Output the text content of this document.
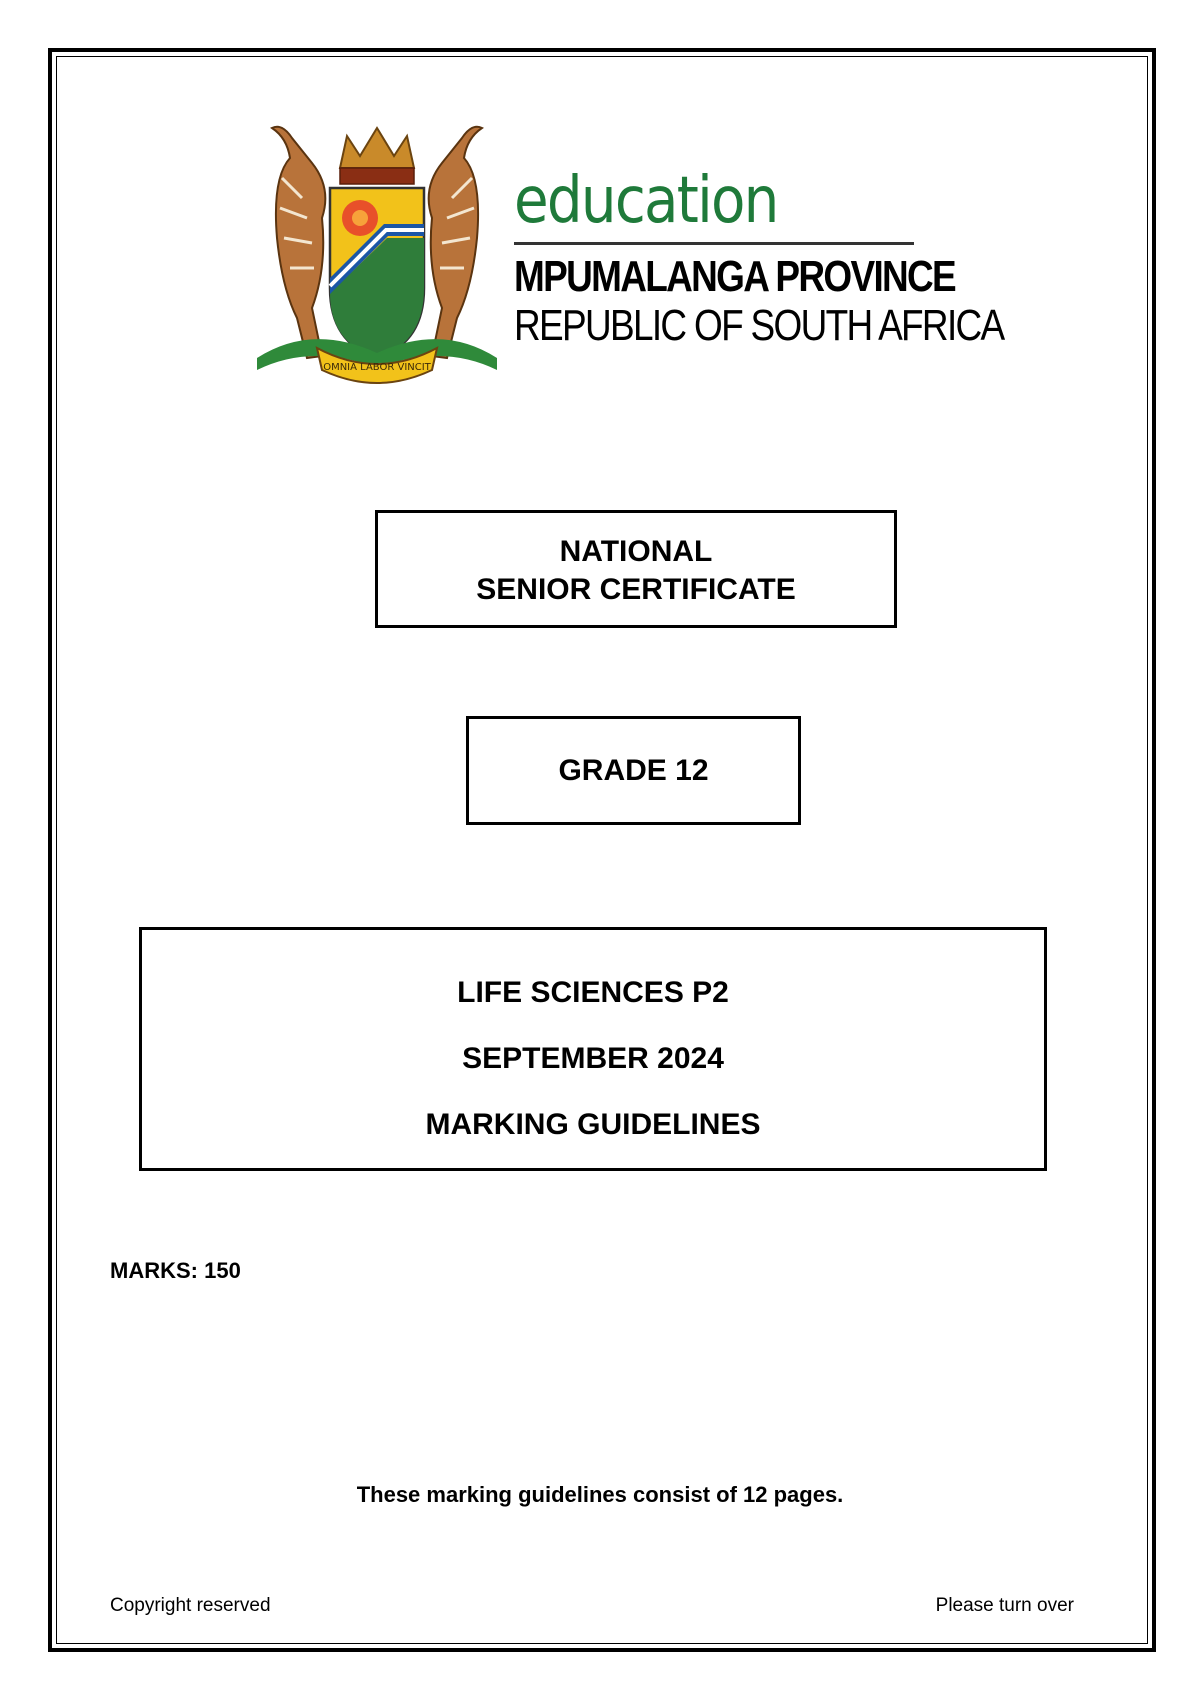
OMNIA LABOR VINCIT
education
MPUMALANGA PROVINCE
REPUBLIC OF SOUTH AFRICA
NATIONAL
SENIOR CERTIFICATE
GRADE 12
LIFE SCIENCES P2
SEPTEMBER 2024
MARKING GUIDELINES
MARKS: 150
These marking guidelines consist of 12 pages.
Copyright reserved	Please turn over
